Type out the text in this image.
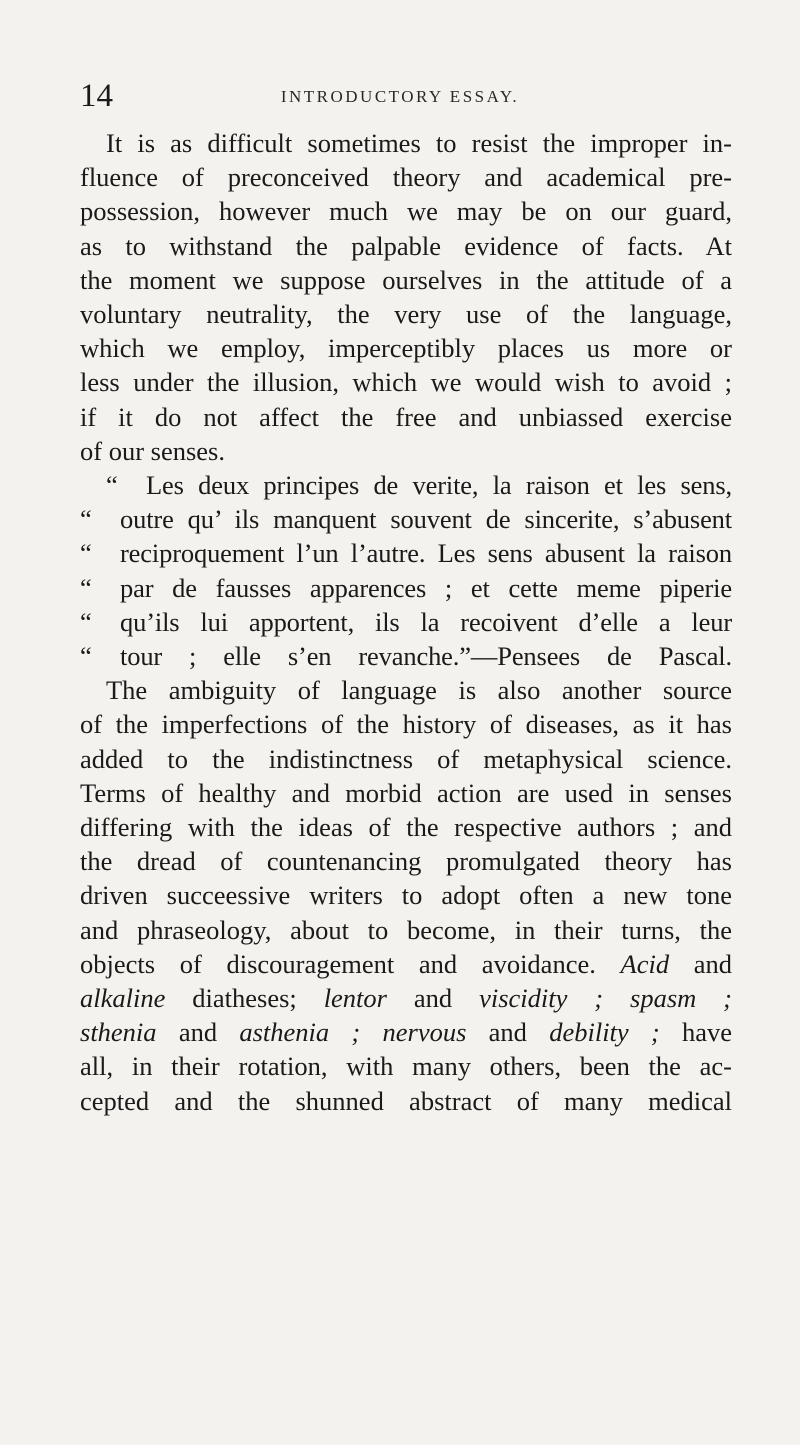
14	INTRODUCTORY ESSAY.

It is as difficult sometimes to resist the improper in-

fluence of preconceived theory and academical pre-

possession, however much we may be on our guard,

as to withstand the palpable evidence of facts. At

the moment we suppose ourselves in the attitude of a

voluntary neutrality, the very use of the language,

which we employ, imperceptibly places us more or

less under the illusion, which we would wish to avoid ;

if it do not affect the free and unbiassed exercise

of our senses.

“ Les deux principes de verite, la raison et les sens,

“ outre qu’ ils manquent souvent de sincerite, s’abusent

“ reciproquement l’un l’autre. Les sens abusent la raison

“ par de fausses apparences ; et cette meme piperie

“ qu’ils lui apportent, ils la recoivent d’elle a leur

“ tour ; elle s’en revanche.”—Pensees de Pascal.

The ambiguity of language is also another source

of the imperfections of the history of diseases, as it has

added to the indistinctness of metaphysical science.

Terms of healthy and morbid action are used in senses

differing with the ideas of the respective authors ; and

the dread of countenancing promulgated theory has

driven succeessive writers to adopt often a new tone

and phraseology, about to become, in their turns, the

objects of discouragement and avoidance. Acid and

alkaline diatheses; lentor and viscidity ; spasm ;

sthenia and asthenia ; nervous and debility ; have

all, in their rotation, with many others, been the ac-

cepted and the shunned abstract of many medical
